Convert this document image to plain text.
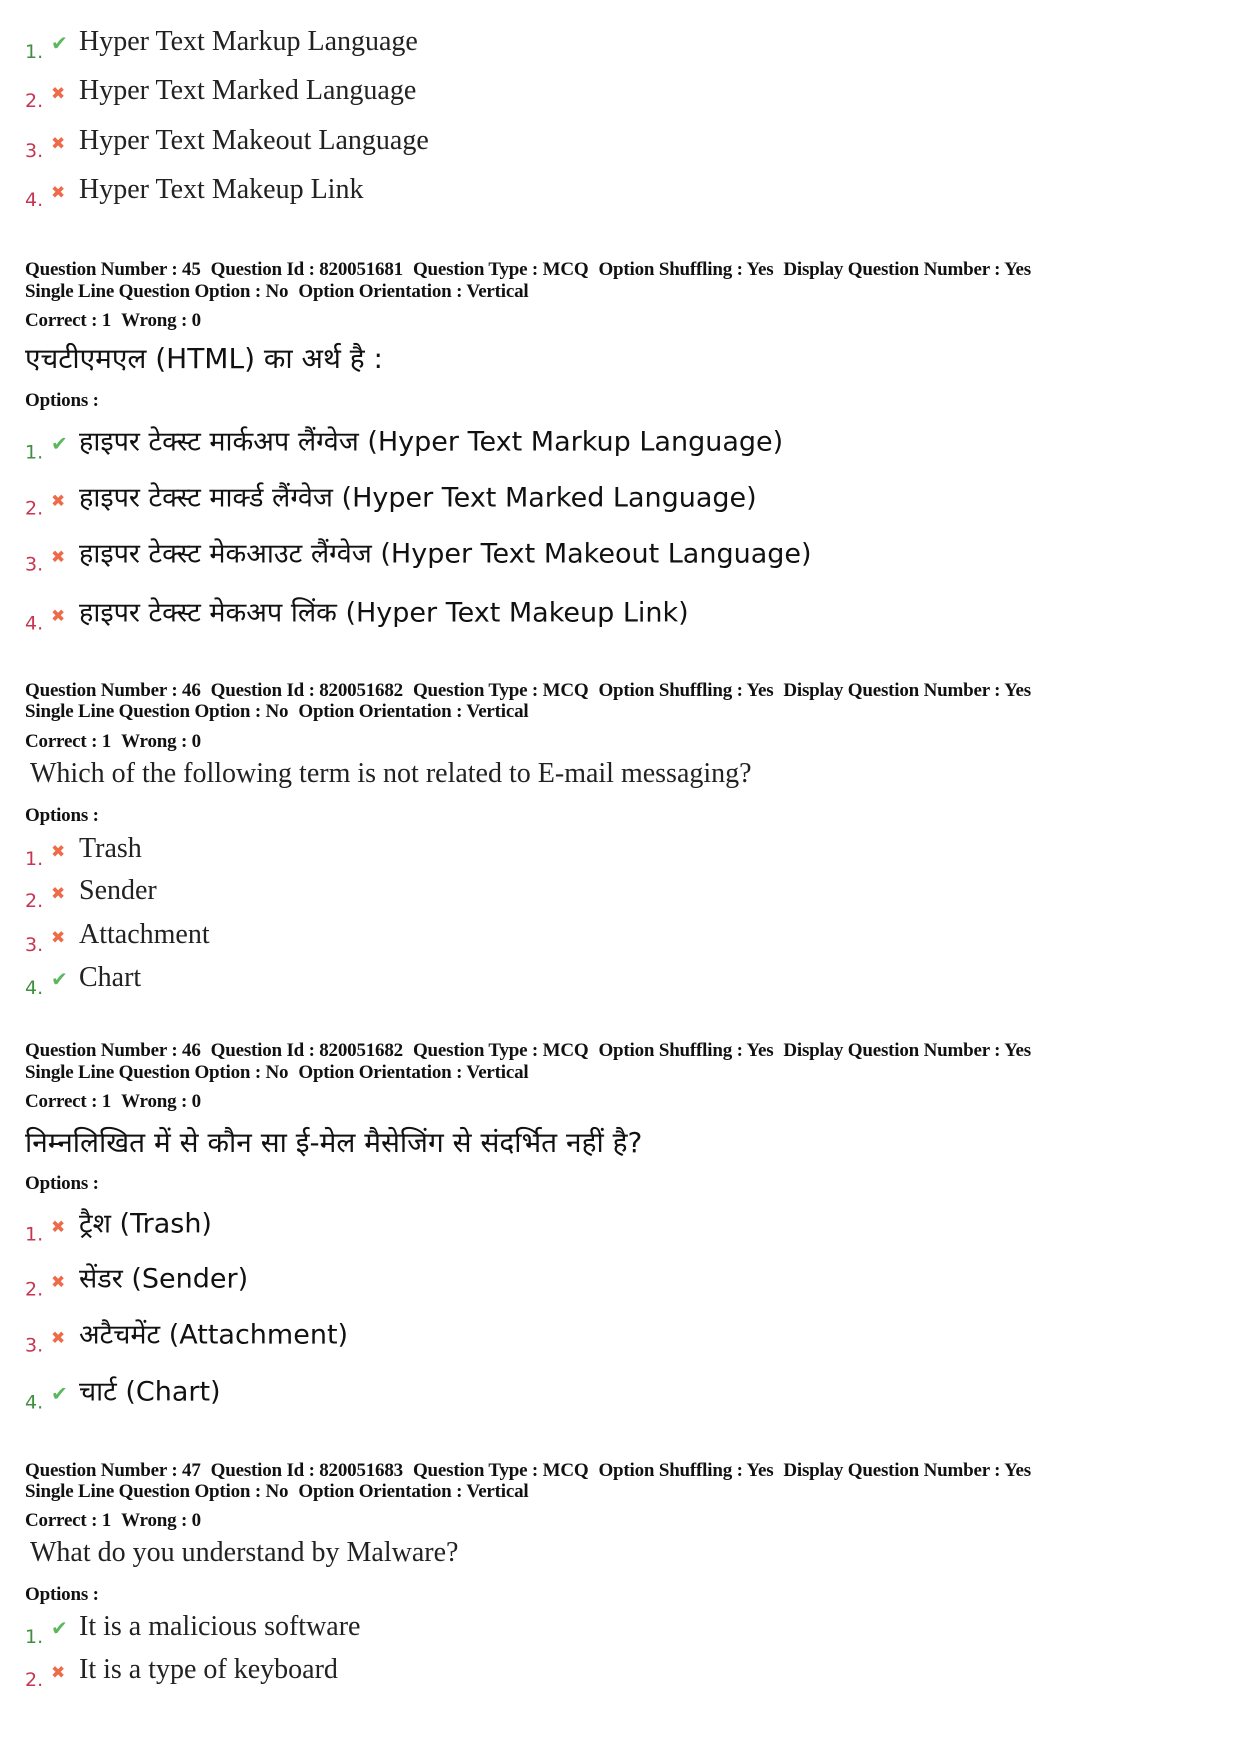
1. ✔ Hyper Text Markup Language
2. ✖ Hyper Text Marked Language
3. ✖ Hyper Text Makeout Language
4. ✖ Hyper Text Makeup Link
Question Number : 45 Question Id : 820051681 Question Type : MCQ Option Shuffling : Yes Display Question Number : Yes
Single Line Question Option : No Option Orientation : Vertical
Correct : 1 Wrong : 0
एचटीएमएल (HTML) का अर्थ है :
Options :
1. ✔ हाइपर टेक्स्ट मार्कअप लैंग्वेज (Hyper Text Markup Language)
2. ✖ हाइपर टेक्स्ट मार्क्ड लैंग्वेज (Hyper Text Marked Language)
3. ✖ हाइपर टेक्स्ट मेकआउट लैंग्वेज (Hyper Text Makeout Language)
4. ✖ हाइपर टेक्स्ट मेकअप लिंक (Hyper Text Makeup Link)
Question Number : 46 Question Id : 820051682 Question Type : MCQ Option Shuffling : Yes Display Question Number : Yes
Single Line Question Option : No Option Orientation : Vertical
Correct : 1 Wrong : 0
Which of the following term is not related to E-mail messaging?
Options :
1. ✖ Trash
2. ✖ Sender
3. ✖ Attachment
4. ✔ Chart
Question Number : 46 Question Id : 820051682 Question Type : MCQ Option Shuffling : Yes Display Question Number : Yes
Single Line Question Option : No Option Orientation : Vertical
Correct : 1 Wrong : 0
निम्नलिखित में से कौन सा ई-मेल मैसेजिंग से संदर्भित नहीं है?
Options :
1. ✖ ट्रैश (Trash)
2. ✖ सेंडर (Sender)
3. ✖ अटैचमेंट (Attachment)
4. ✔ चार्ट (Chart)
Question Number : 47 Question Id : 820051683 Question Type : MCQ Option Shuffling : Yes Display Question Number : Yes
Single Line Question Option : No Option Orientation : Vertical
Correct : 1 Wrong : 0
What do you understand by Malware?
Options :
1. ✔ It is a malicious software
2. ✖ It is a type of keyboard
